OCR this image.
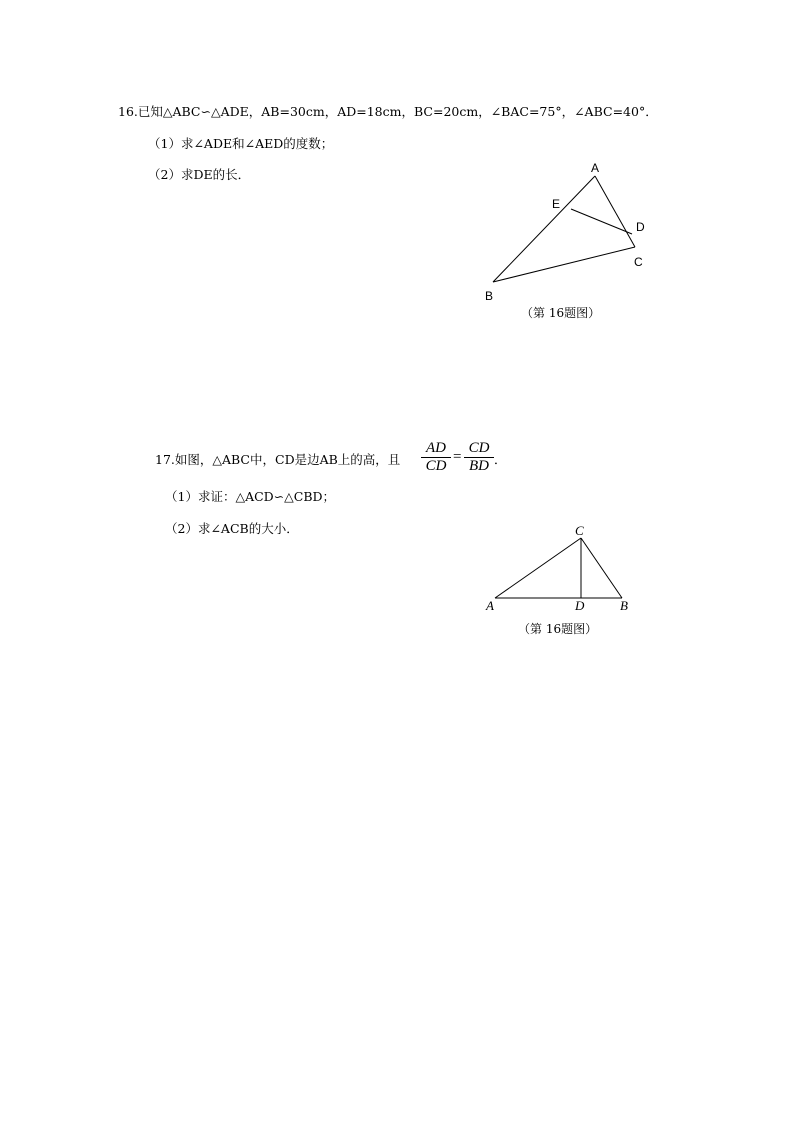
16.已知△ABC∽△ADE，AB=30cm，AD=18cm，BC=20cm，∠BAC=75°，∠ABC=40°．
（1）求∠ADE和∠AED的度数；
（2）求DE的长．	A
E
D
C
B
（第 16题图）
17.如图，△ABC中，CD是边AB上的高，且 $\frac{AD}{CD} = \frac{CD}{BD}$ ．
（1）求证：△ACD∽△CBD；
（2）求∠ACB的大小．	C
A	D	B
（第 16题图）
